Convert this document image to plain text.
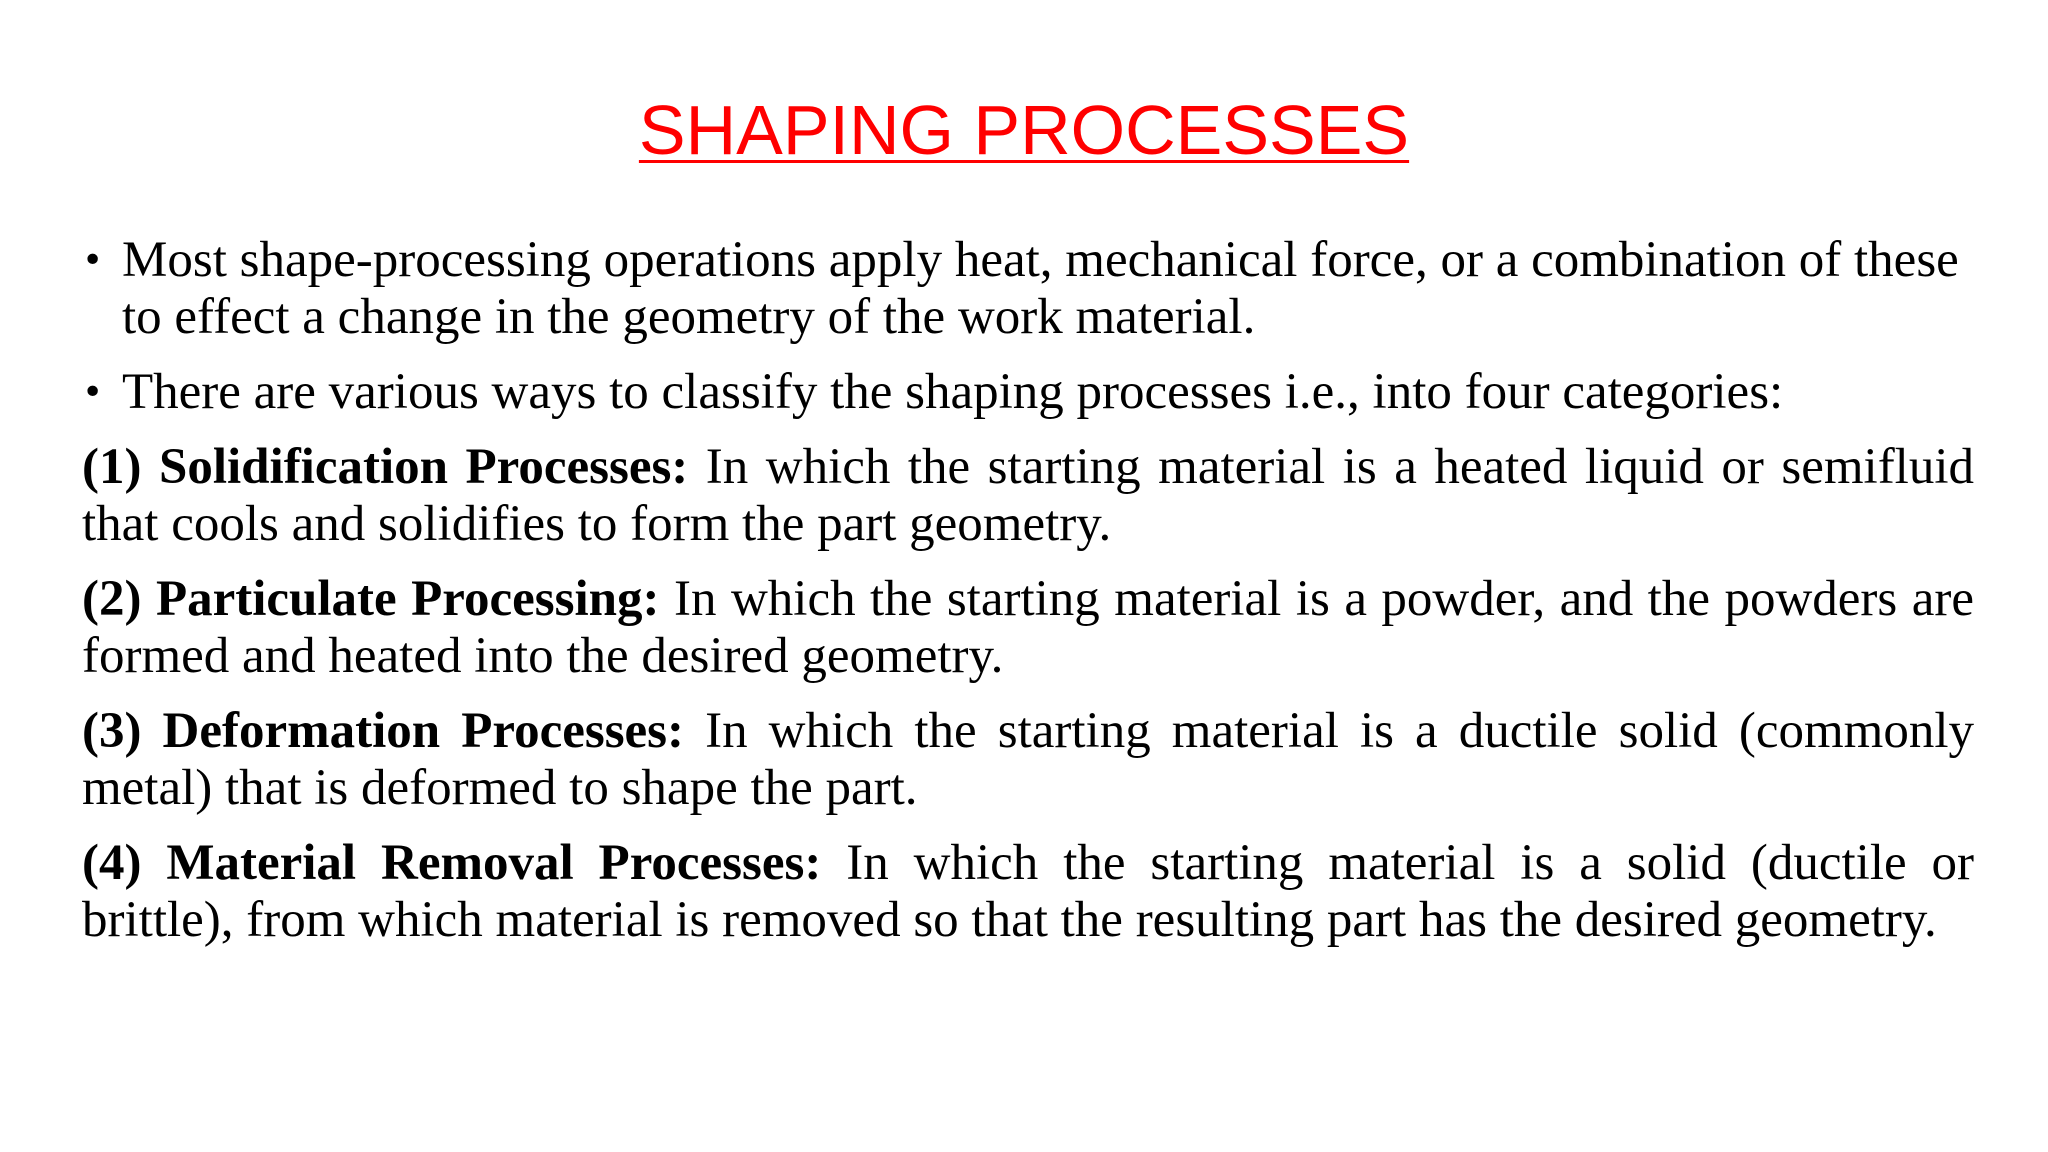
SHAPING PROCESSES
• Most shape-processing operations apply heat, mechanical force, or a combination of these to effect a change in the geometry of the work material.
• There are various ways to classify the shaping processes i.e., into four categories:
(1) Solidification Processes: In which the starting material is a heated liquid or semifluid that cools and solidifies to form the part geometry.
(2) Particulate Processing: In which the starting material is a powder, and the powders are formed and heated into the desired geometry.
(3) Deformation Processes: In which the starting material is a ductile solid (commonly metal) that is deformed to shape the part.
(4) Material Removal Processes: In which the starting material is a solid (ductile or brittle), from which material is removed so that the resulting part has the desired geometry.
